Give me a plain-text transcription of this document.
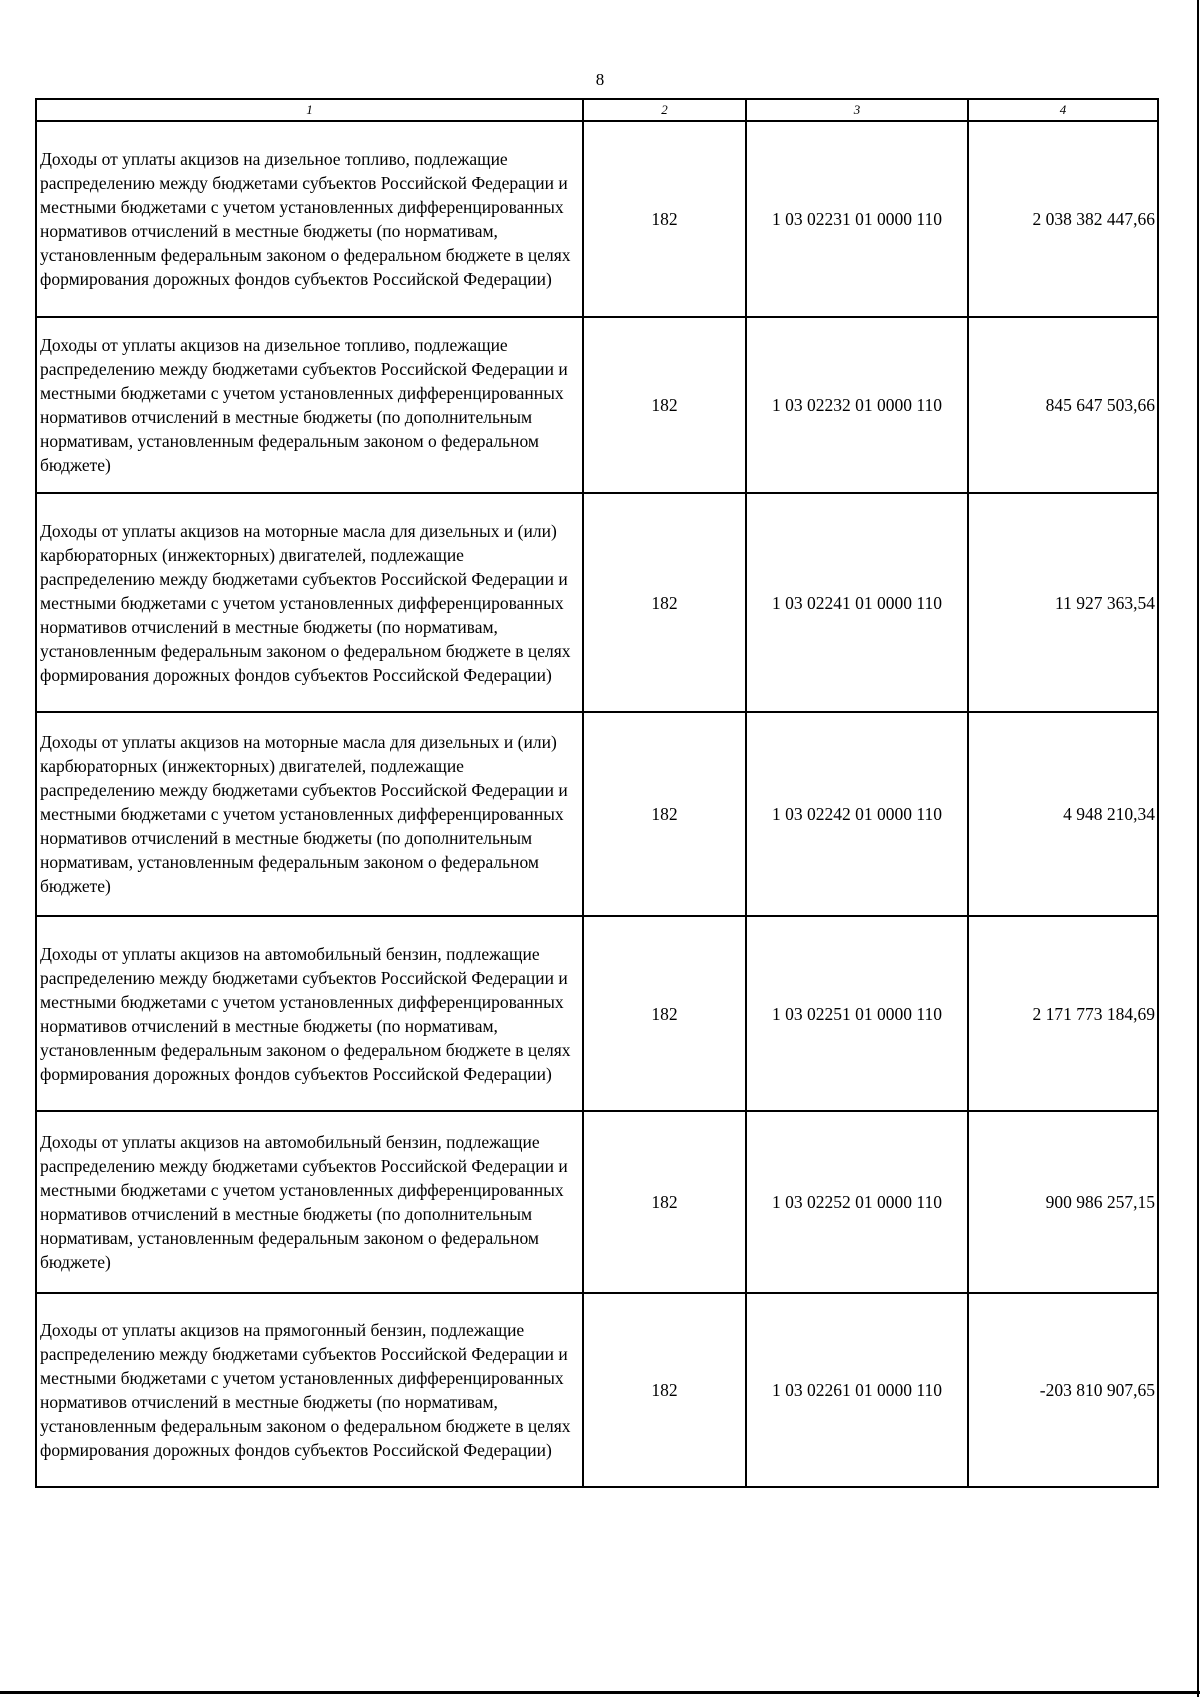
8
1	2	3	4
Доходы от уплаты акцизов на дизельное топливо, подлежащие распределению между бюджетами субъектов Российской Федерации и местными бюджетами с учетом установленных дифференцированных нормативов отчислений в местные бюджеты (по нормативам, установленным федеральным законом о федеральном бюджете в целях формирования дорожных фондов субъектов Российской Федерации)	182	1 03 02231 01 0000 110	2 038 382 447,66
Доходы от уплаты акцизов на дизельное топливо, подлежащие распределению между бюджетами субъектов Российской Федерации и местными бюджетами с учетом установленных дифференцированных нормативов отчислений в местные бюджеты (по дополнительным нормативам, установленным федеральным законом о федеральном бюджете)	182	1 03 02232 01 0000 110	845 647 503,66
Доходы от уплаты акцизов на моторные масла для дизельных и (или) карбюраторных (инжекторных) двигателей, подлежащие распределению между бюджетами субъектов Российской Федерации и местными бюджетами с учетом установленных дифференцированных нормативов отчислений в местные бюджеты (по нормативам, установленным федеральным законом о федеральном бюджете в целях формирования дорожных фондов субъектов Российской Федерации)	182	1 03 02241 01 0000 110	11 927 363,54
Доходы от уплаты акцизов на моторные масла для дизельных и (или) карбюраторных (инжекторных) двигателей, подлежащие распределению между бюджетами субъектов Российской Федерации и местными бюджетами с учетом установленных дифференцированных нормативов отчислений в местные бюджеты (по дополнительным нормативам, установленным федеральным законом о федеральном бюджете)	182	1 03 02242 01 0000 110	4 948 210,34
Доходы от уплаты акцизов на автомобильный бензин, подлежащие распределению между бюджетами субъектов Российской Федерации и местными бюджетами с учетом установленных дифференцированных нормативов отчислений в местные бюджеты (по нормативам, установленным федеральным законом о федеральном бюджете в целях формирования дорожных фондов субъектов Российской Федерации)	182	1 03 02251 01 0000 110	2 171 773 184,69
Доходы от уплаты акцизов на автомобильный бензин, подлежащие распределению между бюджетами субъектов Российской Федерации и местными бюджетами с учетом установленных дифференцированных нормативов отчислений в местные бюджеты (по дополнительным нормативам, установленным федеральным законом о федеральном бюджете)	182	1 03 02252 01 0000 110	900 986 257,15
Доходы от уплаты акцизов на прямогонный бензин, подлежащие распределению между бюджетами субъектов Российской Федерации и местными бюджетами с учетом установленных дифференцированных нормативов отчислений в местные бюджеты (по нормативам, установленным федеральным законом о федеральном бюджете в целях формирования дорожных фондов субъектов Российской Федерации)	182	1 03 02261 01 0000 110	-203 810 907,65
